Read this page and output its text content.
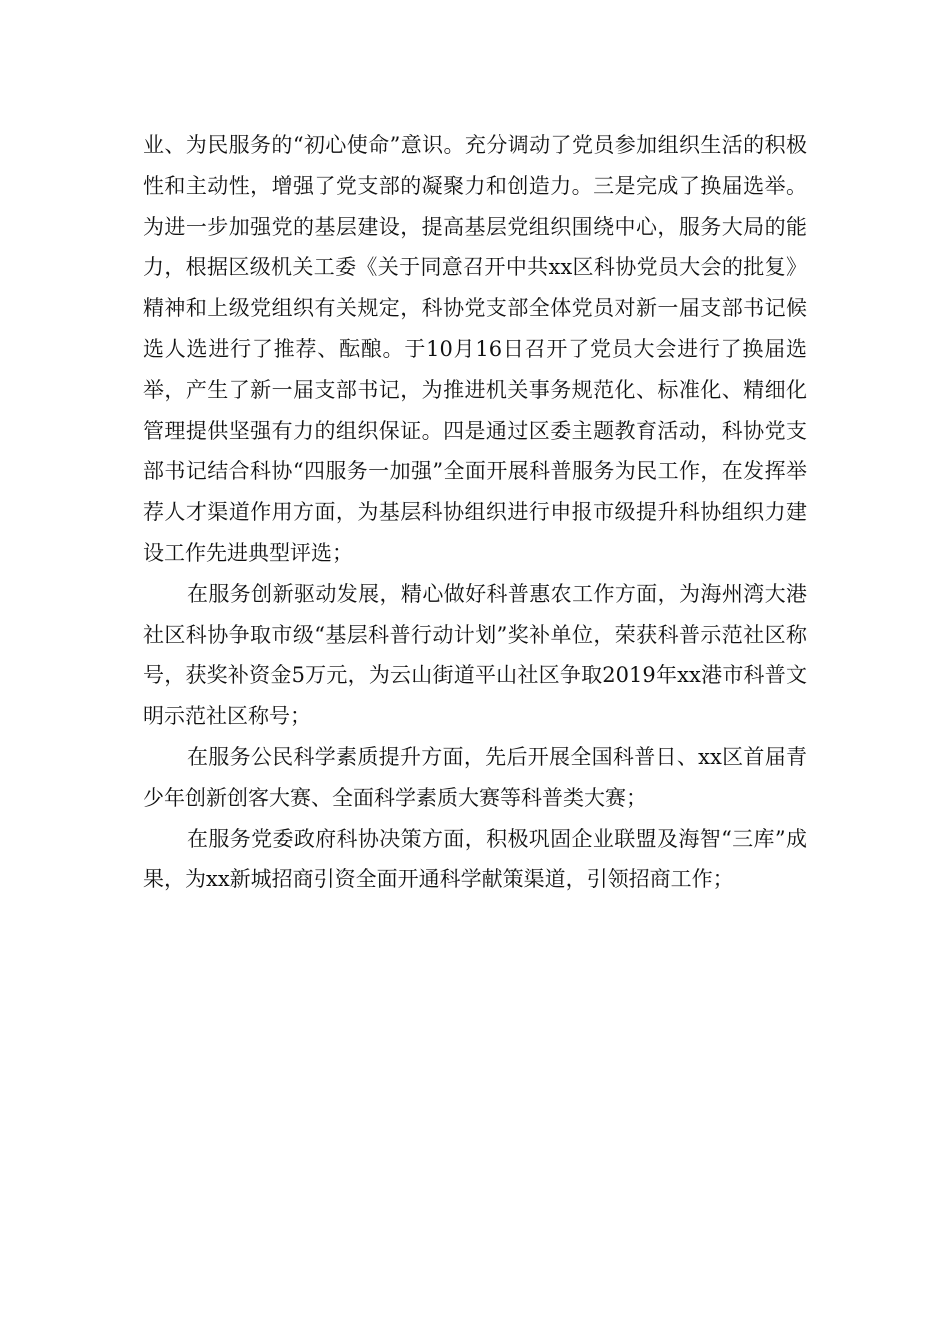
业、为民服务的“初心使命”意识。充分调动了党员参加组织生活的积极性和主动性，增强了党支部的凝聚力和创造力。三是完成了换届选举。为进一步加强党的基层建设，提高基层党组织围绕中心，服务大局的能力，根据区级机关工委《关于同意召开中共xx区科协党员大会的批复》精神和上级党组织有关规定，科协党支部全体党员对新一届支部书记候选人选进行了推荐、酝酿。于10月16日召开了党员大会进行了换届选举，产生了新一届支部书记，为推进机关事务规范化、标准化、精细化管理提供坚强有力的组织保证。四是通过区委主题教育活动，科协党支部书记结合科协“四服务一加强”全面开展科普服务为民工作，在发挥举荐人才渠道作用方面，为基层科协组织进行申报市级提升科协组织力建设工作先进典型评选；

在服务创新驱动发展，精心做好科普惠农工作方面，为海州湾大港社区科协争取市级“基层科普行动计划”奖补单位，荣获科普示范社区称号，获奖补资金5万元，为云山街道平山社区争取2019年xx港市科普文明示范社区称号；

在服务公民科学素质提升方面，先后开展全国科普日、xx区首届青少年创新创客大赛、全面科学素质大赛等科普类大赛；

在服务党委政府科协决策方面，积极巩固企业联盟及海智“三库”成果，为xx新城招商引资全面开通科学献策渠道，引领招商工作；
